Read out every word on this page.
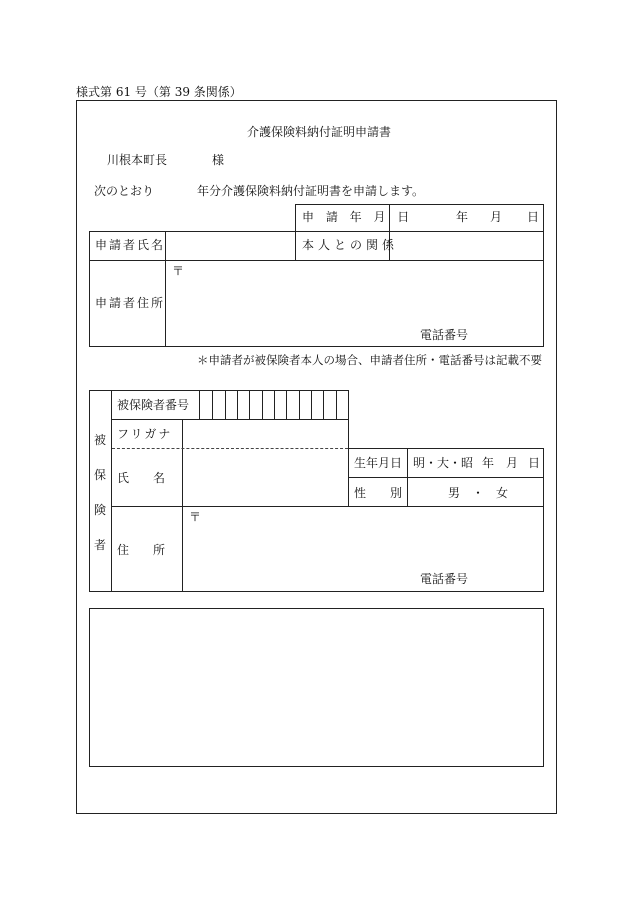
様式第 61 号（第 39 条関係）
介護保険料納付証明申請書
川根本町長	様
次のとおり	年分介護保険料納付証明書を申請します。
申 請 年 月 日	年 月 日
申請者氏名	本人との関係
申請者住所
〒
電話番号
＊申請者が被保険者本人の場合、申請者住所・電話番号は記載不要
被
保
険
者
被保険者番号
フリガナ
氏　　名
生年月日 明・大・昭 年 月 日
性　　別	男　・　女
住　　所
〒
電話番号
